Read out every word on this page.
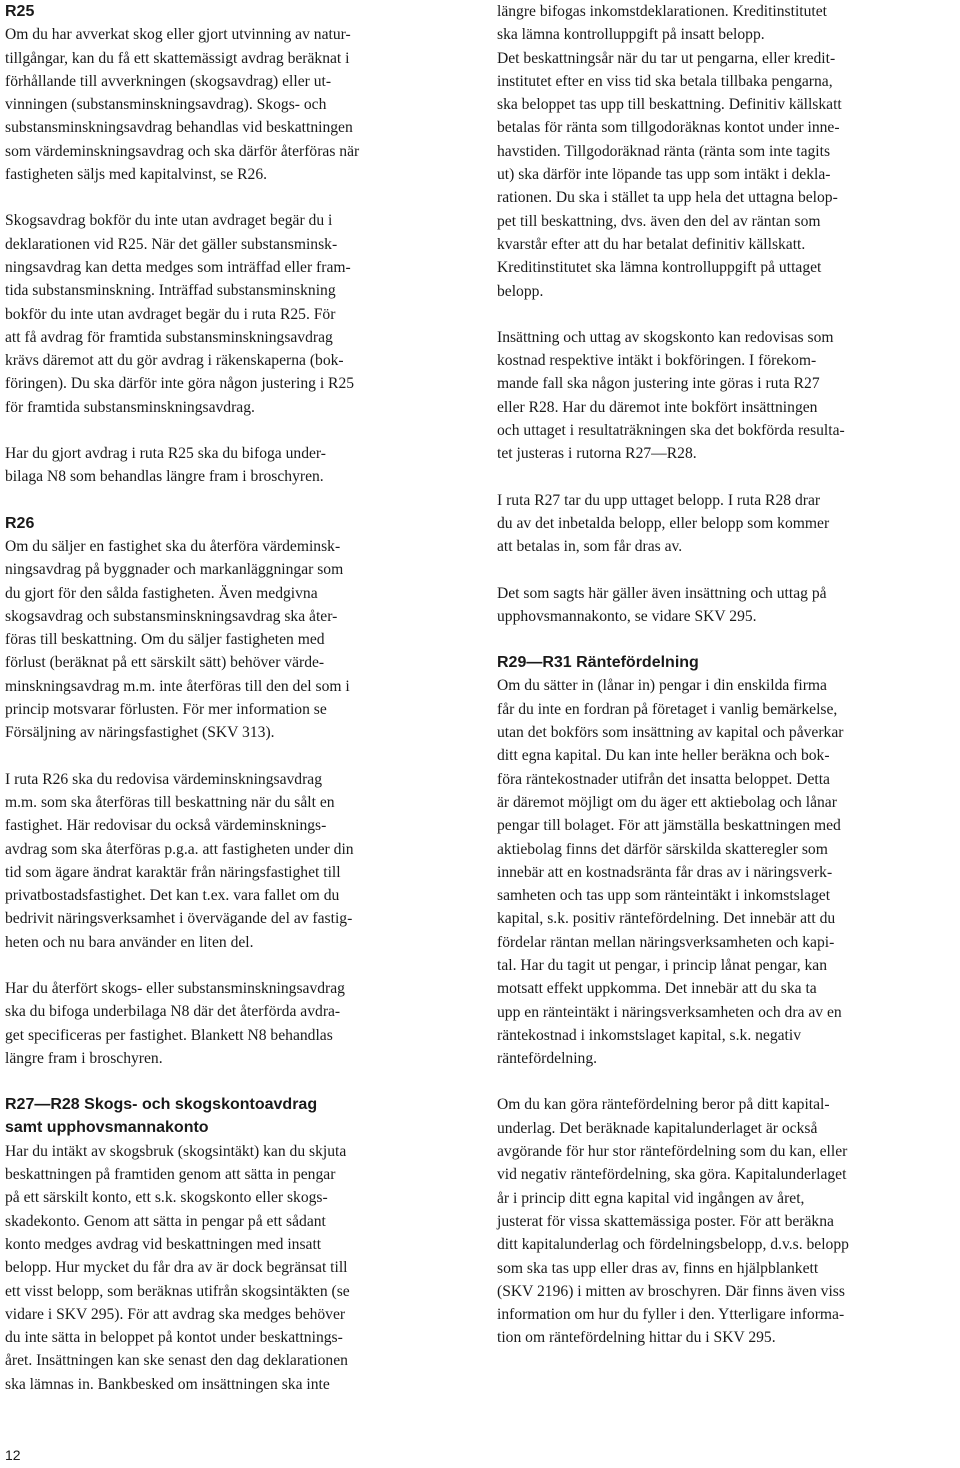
R25

Om du har avverkat skog eller gjort utvinning av natur-
tillgångar, kan du få ett skattemässigt avdrag beräknat i
förhållande till avverkningen (skogsavdrag) eller ut-
vinningen (substansminskningsavdrag). Skogs- och
substansminskningsavdrag behandlas vid beskattningen
som värdeminskningsavdrag och ska därför återföras när
fastigheten säljs med kapitalvinst, se R26.

Skogsavdrag bokför du inte utan avdraget begär du i
deklarationen vid R25. När det gäller substansminsk-
ningsavdrag kan detta medges som inträffad eller fram-
tida substansminskning. Inträffad substansminskning
bokför du inte utan avdraget begär du i ruta R25. För
att få avdrag för framtida substansminskningsavdrag
krävs däremot att du gör avdrag i räkenskaperna (bok-
föringen). Du ska därför inte göra någon justering i R25
för framtida substansminskningsavdrag.

Har du gjort avdrag i ruta R25 ska du bifoga under-
bilaga N8 som behandlas längre fram i broschyren.

R26

Om du säljer en fastighet ska du återföra värdeminsk-
ningsavdrag på byggnader och markanläggningar som
du gjort för den sålda fastigheten. Även medgivna
skogsavdrag och substansminskningsavdrag ska åter-
föras till beskattning. Om du säljer fastigheten med
förlust (beräknat på ett särskilt sätt) behöver värde-
minskningsavdrag m.m. inte återföras till den del som i
princip motsvarar förlusten. För mer information se
Försäljning av näringsfastighet (SKV 313).

I ruta R26 ska du redovisa värdeminskningsavdrag
m.m. som ska återföras till beskattning när du sålt en
fastighet. Här redovisar du också värdeminsknings-
avdrag som ska återföras p.g.a. att fastigheten under din
tid som ägare ändrat karaktär från näringsfastighet till
privatbostadsfastighet. Det kan t.ex. vara fallet om du
bedrivit näringsverksamhet i övervägande del av fastig-
heten och nu bara använder en liten del.

Har du återfört skogs- eller substansminskningsavdrag
ska du bifoga underbilaga N8 där det återförda avdra-
get specificeras per fastighet. Blankett N8 behandlas
längre fram i broschyren.

R27—R28 Skogs- och skogskontoavdrag
samt upphovsmannakonto

Har du intäkt av skogsbruk (skogsintäkt) kan du skjuta
beskattningen på framtiden genom att sätta in pengar
på ett särskilt konto, ett s.k. skogskonto eller skogs-
skadekonto. Genom att sätta in pengar på ett sådant
konto medges avdrag vid beskattningen med insatt
belopp. Hur mycket du får dra av är dock begränsat till
ett visst belopp, som beräknas utifrån skogsintäkten (se
vidare i SKV 295). För att avdrag ska medges behöver
du inte sätta in beloppet på kontot under beskattnings-
året. Insättningen kan ske senast den dag deklarationen
ska lämnas in. Bankbesked om insättningen ska inte

längre bifogas inkomstdeklarationen. Kreditinstitutet
ska lämna kontrolluppgift på insatt belopp.
Det beskattningsår när du tar ut pengarna, eller kredit-
institutet efter en viss tid ska betala tillbaka pengarna,
ska beloppet tas upp till beskattning. Definitiv källskatt
betalas för ränta som tillgodoräknas kontot under inne-
havstiden. Tillgodoräknad ränta (ränta som inte tagits
ut) ska därför inte löpande tas upp som intäkt i dekla-
rationen. Du ska i stället ta upp hela det uttagna belop-
pet till beskattning, dvs. även den del av räntan som
kvarstår efter att du har betalat definitiv källskatt.
Kreditinstitutet ska lämna kontrolluppgift på uttaget
belopp.

Insättning och uttag av skogskonto kan redovisas som
kostnad respektive intäkt i bokföringen. I förekom-
mande fall ska någon justering inte göras i ruta R27
eller R28. Har du däremot inte bokfört insättningen
och uttaget i resultaträkningen ska det bokförda resulta-
tet justeras i rutorna R27—R28.

I ruta R27 tar du upp uttaget belopp. I ruta R28 drar
du av det inbetalda belopp, eller belopp som kommer
att betalas in, som får dras av.

Det som sagts här gäller även insättning och uttag på
upphovsmannakonto, se vidare SKV 295.

R29—R31 Räntefördelning

Om du sätter in (lånar in) pengar i din enskilda firma
får du inte en fordran på företaget i vanlig bemärkelse,
utan det bokförs som insättning av kapital och påverkar
ditt egna kapital. Du kan inte heller beräkna och bok-
föra räntekostnader utifrån det insatta beloppet. Detta
är däremot möjligt om du äger ett aktiebolag och lånar
pengar till bolaget. För att jämställa beskattningen med
aktiebolag finns det därför särskilda skatteregler som
innebär att en kostnadsränta får dras av i näringsverk-
samheten och tas upp som ränteintäkt i inkomstslaget
kapital, s.k. positiv räntefördelning. Det innebär att du
fördelar räntan mellan näringsverksamheten och kapi-
tal. Har du tagit ut pengar, i princip lånat pengar, kan
motsatt effekt uppkomma. Det innebär att du ska ta
upp en ränteintäkt i näringsverksamheten och dra av en
räntekostnad i inkomstslaget kapital, s.k. negativ
räntefördelning.

Om du kan göra räntefördelning beror på ditt kapital-
underlag. Det beräknade kapitalunderlaget är också
avgörande för hur stor räntefördelning som du kan, eller
vid negativ räntefördelning, ska göra. Kapitalunderlaget
år i princip ditt egna kapital vid ingången av året,
justerat för vissa skattemässiga poster. För att beräkna
ditt kapitalunderlag och fördelningsbelopp, d.v.s. belopp
som ska tas upp eller dras av, finns en hjälpblankett
(SKV 2196) i mitten av broschyren. Där finns även viss
information om hur du fyller i den. Ytterligare informa-
tion om räntefördelning hittar du i SKV 295.

12
